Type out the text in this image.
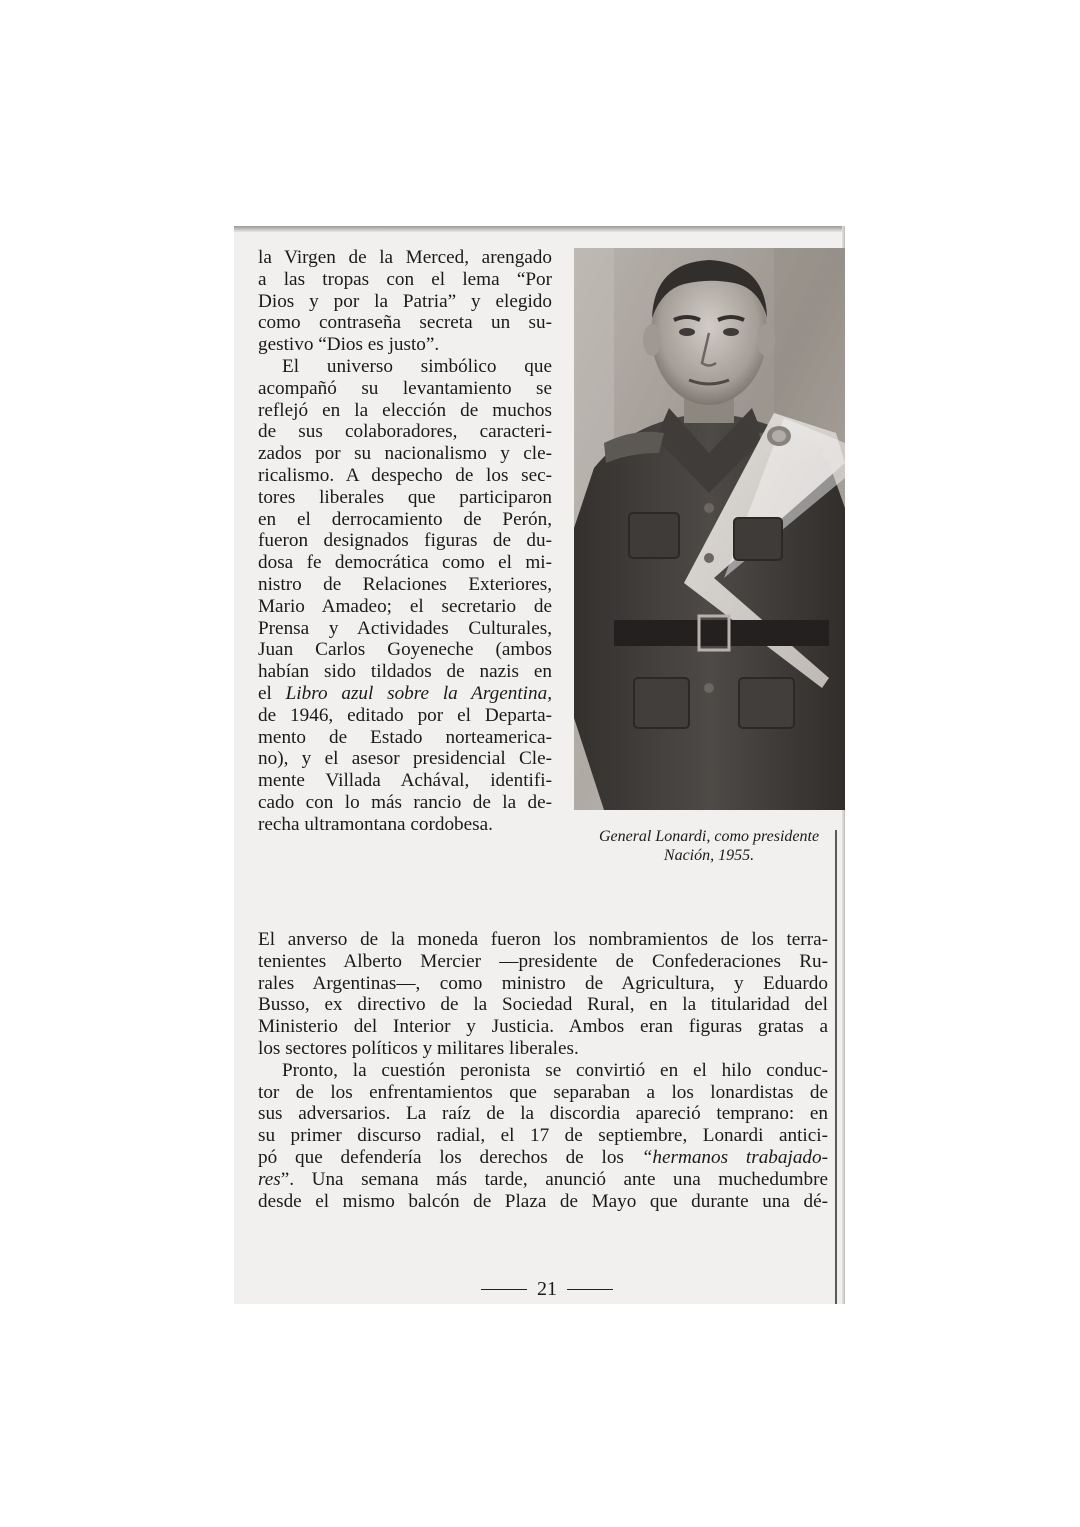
la Virgen de la Merced, arengado
a las tropas con el lema “Por
Dios y por la Patria” y elegido
como contraseña secreta un su-
gestivo “Dios es justo”.
El universo simbólico que
acompañó su levantamiento se
reflejó en la elección de muchos
de sus colaboradores, caracteri-
zados por su nacionalismo y cle-
ricalismo. A despecho de los sec-
tores liberales que participaron
en el derrocamiento de Perón,
fueron designados figuras de du-
dosa fe democrática como el mi-
nistro de Relaciones Exteriores,
Mario Amadeo; el secretario de
Prensa y Actividades Culturales,
Juan Carlos Goyeneche (ambos
habían sido tildados de nazis en
el Libro azul sobre la Argentina,
de 1946, editado por el Departa-
mento de Estado norteamerica-
no), y el asesor presidencial Cle-
mente Villada Achával, identifi-
cado con lo más rancio de la de-
recha ultramontana cordobesa.
General Lonardi, como presidente
Nación, 1955.
El anverso de la moneda fueron los nombramientos de los terra-
tenientes Alberto Mercier —presidente de Confederaciones Ru-
rales Argentinas—, como ministro de Agricultura, y Eduardo
Busso, ex directivo de la Sociedad Rural, en la titularidad del
Ministerio del Interior y Justicia. Ambos eran figuras gratas a
los sectores políticos y militares liberales.
Pronto, la cuestión peronista se convirtió en el hilo conduc-
tor de los enfrentamientos que separaban a los lonardistas de
sus adversarios. La raíz de la discordia apareció temprano: en
su primer discurso radial, el 17 de septiembre, Lonardi antici-
pó que defendería los derechos de los “hermanos trabajado-
res”. Una semana más tarde, anunció ante una muchedumbre
desde el mismo balcón de Plaza de Mayo que durante una dé-
21
